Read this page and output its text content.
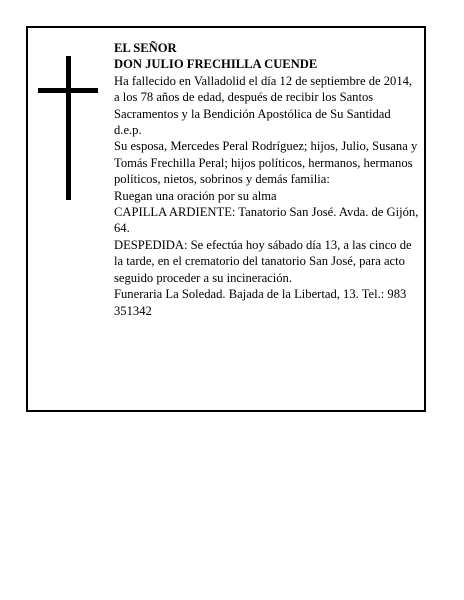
EL SEÑOR

DON JULIO FRECHILLA CUENDE

Ha fallecido en Valladolid el día 12 de septiembre de 2014, a los 78 años de edad, después de recibir los Santos Sacramentos y la Bendición Apostólica de Su Santidad

d.e.p.

Su esposa, Mercedes Peral Rodríguez; hijos, Julio, Susana y Tomás Frechilla Peral; hijos políticos, hermanos, hermanos políticos, nietos, sobrinos y demás familia:

Ruegan una oración por su alma

CAPILLA ARDIENTE: Tanatorio San José. Avda. de Gijón, 64.

DESPEDIDA: Se efectúa hoy sábado día 13, a las cinco de la tarde, en el crematorio del tanatorio San José, para acto seguido proceder a su incineración.

Funeraria La Soledad. Bajada de la Libertad, 13. Tel.: 983 351342
